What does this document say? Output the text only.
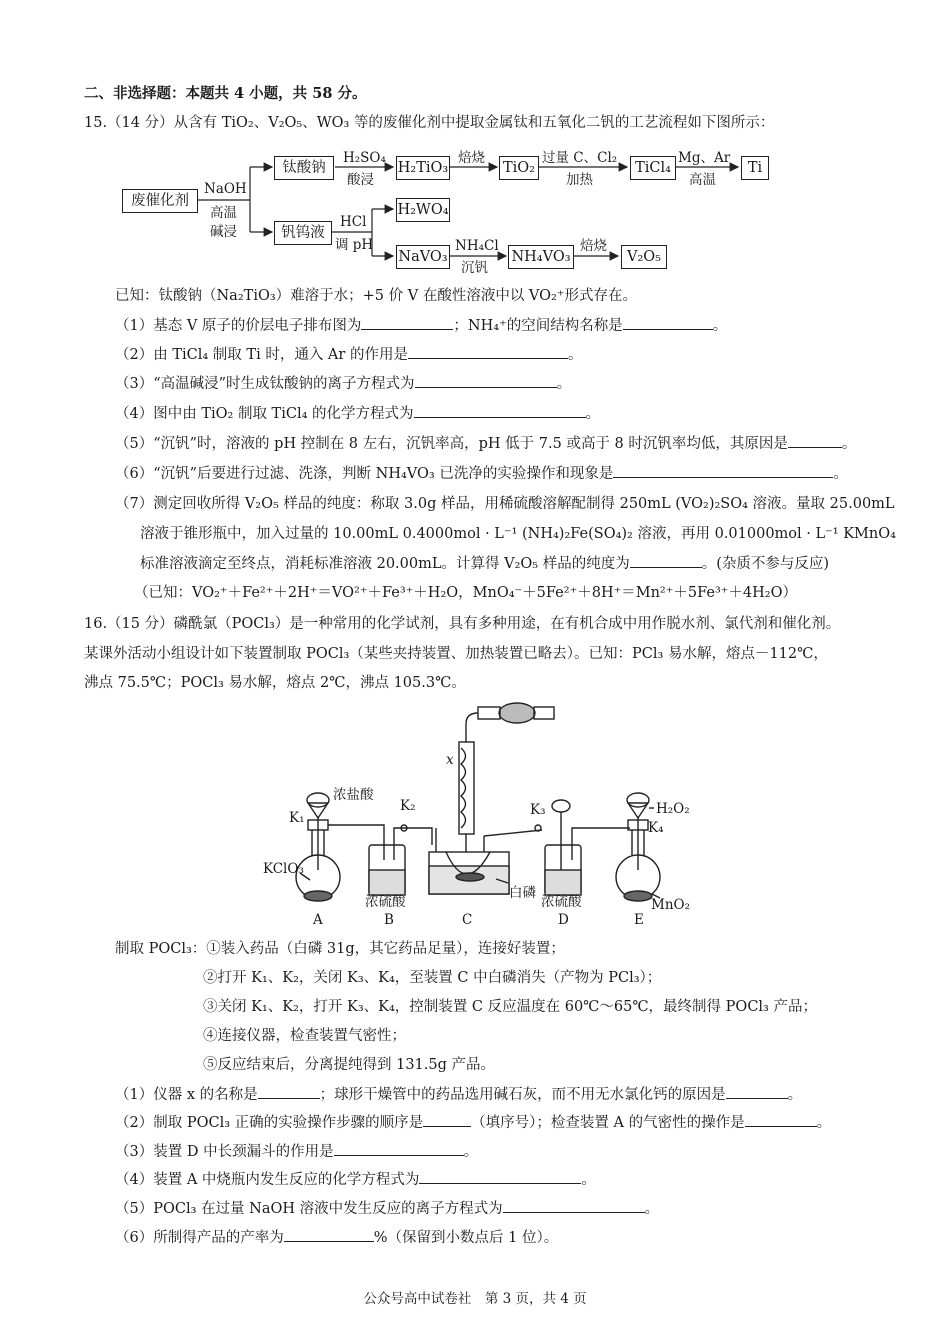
二、非选择题：本题共 4 小题，共 58 分。
15.（14 分）从含有 TiO₂、V₂O₅、WO₃ 等的废催化剂中提取金属钛和五氧化二钒的工艺流程如下图所示：
废催化剂
NaOH
高温
碱浸
钛酸钠
H₂SO₄
酸浸
H₂TiO₃
焙烧
TiO₂
过量 C、Cl₂
加热
TiCl₄
Mg、Ar
高温
Ti
钒钨液
HCl
调 pH
H₂WO₄
NaVO₃
NH₄Cl
沉钒
NH₄VO₃
焙烧
V₂O₅
已知：钛酸钠（Na₂TiO₃）难溶于水；+5 价 V 在酸性溶液中以 VO₂⁺形式存在。
（1）基态 V 原子的价层电子排布图为	；NH₄⁺的空间结构名称是	。
（2）由 TiCl₄ 制取 Ti 时，通入 Ar 的作用是	。
（3）“高温碱浸”时生成钛酸钠的离子方程式为	。
（4）图中由 TiO₂ 制取 TiCl₄ 的化学方程式为	。
（5）“沉钒”时，溶液的 pH 控制在 8 左右，沉钒率高，pH 低于 7.5 或高于 8 时沉钒率均低，其原因是	。
（6）“沉钒”后要进行过滤、洗涤，判断 NH₄VO₃ 已洗净的实验操作和现象是	。
（7）测定回收所得 V₂O₅ 样品的纯度：称取 3.0g 样品，用稀硫酸溶解配制得 250mL (VO₂)₂SO₄ 溶液。量取 25.00mL
溶液于锥形瓶中，加入过量的 10.00mL 0.4000mol · L⁻¹ (NH₄)₂Fe(SO₄)₂ 溶液，再用 0.01000mol · L⁻¹ KMnO₄
标准溶液滴定至终点，消耗标准溶液 20.00mL。计算得 V₂O₅ 样品的纯度为	。(杂质不参与反应)
（已知：VO₂⁺＋Fe²⁺＋2H⁺＝VO²⁺＋Fe³⁺＋H₂O，MnO₄⁻＋5Fe²⁺＋8H⁺＝Mn²⁺＋5Fe³⁺＋4H₂O）
16.（15 分）磷酰氯（POCl₃）是一种常用的化学试剂，具有多种用途，在有机合成中用作脱水剂、氯代剂和催化剂。
某课外活动小组设计如下装置制取 POCl₃（某些夹持装置、加热装置已略去）。已知：PCl₃ 易水解，熔点－112℃，
沸点 75.5℃；POCl₃ 易水解，熔点 2℃，沸点 105.3℃。
x
浓盐酸
K₁
K₂	K₃	H₂O₂
K₄
KClO₃
浓硫酸
白磷
浓硫酸	MnO₂
A	B	C	D	E
制取 POCl₃：①装入药品（白磷 31g，其它药品足量），连接好装置；
②打开 K₁、K₂，关闭 K₃、K₄，至装置 C 中白磷消失（产物为 PCl₃）；
③关闭 K₁、K₂，打开 K₃、K₄，控制装置 C 反应温度在 60℃～65℃，最终制得 POCl₃ 产品；
④连接仪器，检查装置气密性；
⑤反应结束后，分离提纯得到 131.5g 产品。
（1）仪器 x 的名称是	；球形干燥管中的药品选用碱石灰，而不用无水氯化钙的原因是	。
（2）制取 POCl₃ 正确的实验操作步骤的顺序是	（填序号）；检查装置 A 的气密性的操作是	。
（3）装置 D 中长颈漏斗的作用是	。
（4）装置 A 中烧瓶内发生反应的化学方程式为	。
（5）POCl₃ 在过量 NaOH 溶液中发生反应的离子方程式为	。
（6）所制得产品的产率为	%（保留到小数点后 1 位）。
公众号高中试卷社　第 3 页，共 4 页
